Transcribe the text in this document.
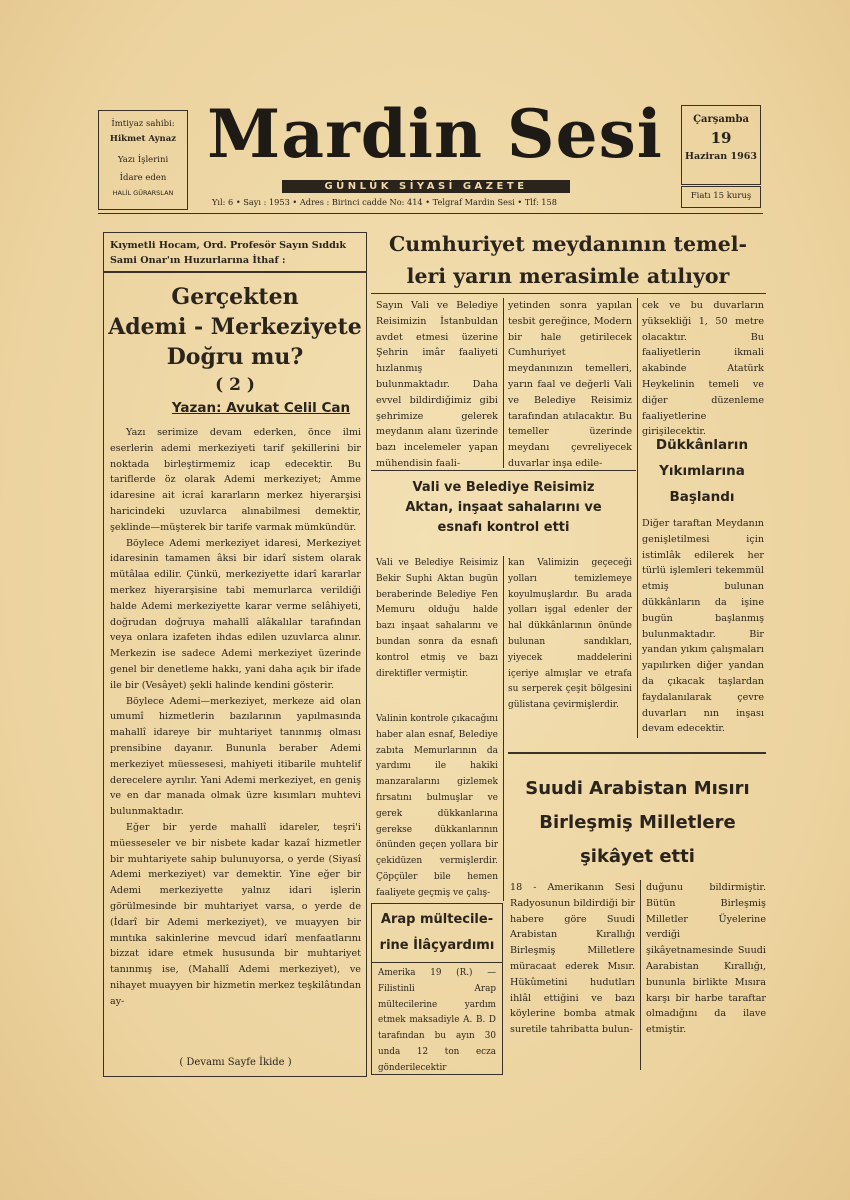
İmtiyaz sahibi:
Hikmet Aynaz
Yazı İşlerini
İdare eden
HALİL GÜRARSLAN
Mardin Sesi
GÜNLÜK SİYASİ GAZETE
Yıl: 6 • Sayı : 1953 • Adres : Birinci cadde No: 414 • Telgraf Mardin Sesi • Tlf: 158
Çarşamba
19
Haziran 1963
Fiatı 15 kuruş
Kıymetli Hocam, Ord. Profesör Sayın Sıddık Sami Onar'ın Huzurlarına İthaf :
Gerçekten
Ademi - Merkeziyete
Doğru mu?
( 2 )
Yazan: Avukat Celil Can

Yazı serimize devam ederken, önce ilmi eserlerin ademi merkeziyeti tarif şekillerini bir noktada birleştirmemiz icap edecektir. Bu tariflerde öz olarak Ademi merkeziyet; Amme idaresine ait icraî kararların merkez hiyerarşisi haricindeki uzuvlarca alınabilmesi demektir, şeklinde—müşterek bir tarife varmak mümkündür.

Böylece Ademi merkeziyet idaresi, Merkeziyet idaresinin tamamen âksi bir idarî sistem olarak mütâlaa edilir. Çünkü, merkeziyette idarî kararlar merkez hiyerarşisine tabi memurlarca verildiği halde Ademi merkeziyette karar verme selâhiyeti, doğrudan doğruya mahallî alâkalılar tarafından veya onlara izafeten ihdas edilen uzuvlarca alınır. Merkezin ise sadece Ademi merkeziyet üzerinde genel bir denetleme hakkı, yani daha açık bir ifade ile bir (Vesâyet) şekli halinde kendini gösterir.

Böylece Ademi—merkeziyet, merkeze aid olan umumî hizmetlerin bazılarının yapılmasında mahallî idareye bir muhtariyet tanınmış olması prensibine dayanır. Bununla beraber Ademi merkeziyet müessesesi, mahiyeti itibarile muhtelif derecelere ayrılır. Yani Ademi merkeziyet, en geniş ve en dar manada olmak üzre kısımları muhtevi bulunmaktadır.

Eğer bir yerde mahallî idareler, teşri'i müesseseler ve bir nisbete kadar kazaî hizmetler bir muhtariyete sahip bulunuyorsa, o yerde (Siyasî Ademi merkeziyet) var demektir. Yine eğer bir Ademi merkeziyette yalnız idari işlerin görülmesinde bir muhtariyet varsa, o yerde de (İdarî bir Ademi merkeziyet), ve muayyen bir mıntıka sakinlerine mevcud idarî menfaatlarını bizzat idare etmek hususunda bir muhtariyet tanınmış ise, (Mahallî Ademi merkeziyet), ve nihayet muayyen bir hizmetin merkez teşkilâtından ay-

( Devamı Sayfe İkide )
Cumhuriyet meydanının temel-
leri yarın merasimle atılıyor
Sayın Vali ve Belediye Reisimizin İstanbuldan avdet etmesi üzerine Şehrin imâr faaliyeti hızlanmış bulunmaktadır. Daha evvel bildirdiğimiz gibi şehrimize gelerek meydanın alanı üzerinde bazı incelemeler yapan mühendisin faali-
yetinden sonra yapılan tesbit gereğince, Modern bir hale getirilecek Cumhuriyet meydanınızın temelleri, yarın faal ve değerli Vali ve Belediye Reisimiz tarafından atılacaktır. Bu temeller üzerinde meydanı çevreliyecek duvarlar inşa edile-
cek ve bu duvarların yüksekliği 1, 50 metre olacaktır. Bu faaliyetlerin ikmali akabinde Atatürk Heykelinin temeli ve diğer düzenleme faaliyetlerine girişilecektir.
Dükkânların
Yıkımlarına
Başlandı
Diğer taraftan Meydanın genişletilmesi için istimlâk edilerek her türlü işlemleri tekemmül etmiş bulunan dükkânların da işine bugün başlanmış bulunmaktadır. Bir yandan yıkım çalışmaları yapılırken diğer yandan da çıkacak taşlardan faydalanılarak çevre duvarları nın inşası devam edecektir.
Vali ve Belediye Reisimiz
Aktan, inşaat sahalarını ve
esnafı kontrol etti
Vali ve Belediye Reisimiz Bekir Suphi Aktan bugün beraberinde Belediye Fen Memuru olduğu halde bazı inşaat sahalarını ve bundan sonra da esnafı kontrol etmiş ve bazı direktifler vermiştir.
Valinin kontrole çıkacağını haber alan esnaf, Belediye zabıta Memurlarının da yardımı ile hakiki manzaralarını gizlemek fırsatını bulmuşlar ve gerek dükkanlarına gerekse dükkanlarının önünden geçen yollara bir çekidüzen vermişlerdir. Çöpçüler bile hemen faaliyete geçmiş ve çalış-
kan Valimizin geçeceği yolları temizlemeye koyulmuşlardır. Bu arada yolları işgal edenler der hal dükkânlarının önünde bulunan sandıkları, yiyecek maddelerini içeriye almışlar ve etrafa su serperek çeşit bölgesini gülistana çevirmişlerdir.
Arap mültecile-
rine İlâçyardımı
Amerika 19 (R.) — Filistinli Arap mültecilerine yardım etmek maksadiyle A. B. D tarafından bu ayın 30 unda 12 ton ecza gönderilecektir
Suudi Arabistan Mısırı
Birleşmiş Milletlere
şikâyet etti
18 - Amerikanın Sesi Radyosunun bildirdiği bir habere göre Suudi Arabistan Kırallığı Birleşmiş Milletlere müracaat ederek Mısır. Hükûmetini hudutları ihlâl ettiğini ve bazı köylerine bomba atmak suretile tahribatta bulun-
duğunu bildirmiştir. Bütün Birleşmiş Milletler Üyelerine verdiği şikâyetnamesinde Suudi Aarabistan Kırallığı, bununla birlikte Mısıra karşı bir harbe taraftar olmadığını da ilave etmiştir.
